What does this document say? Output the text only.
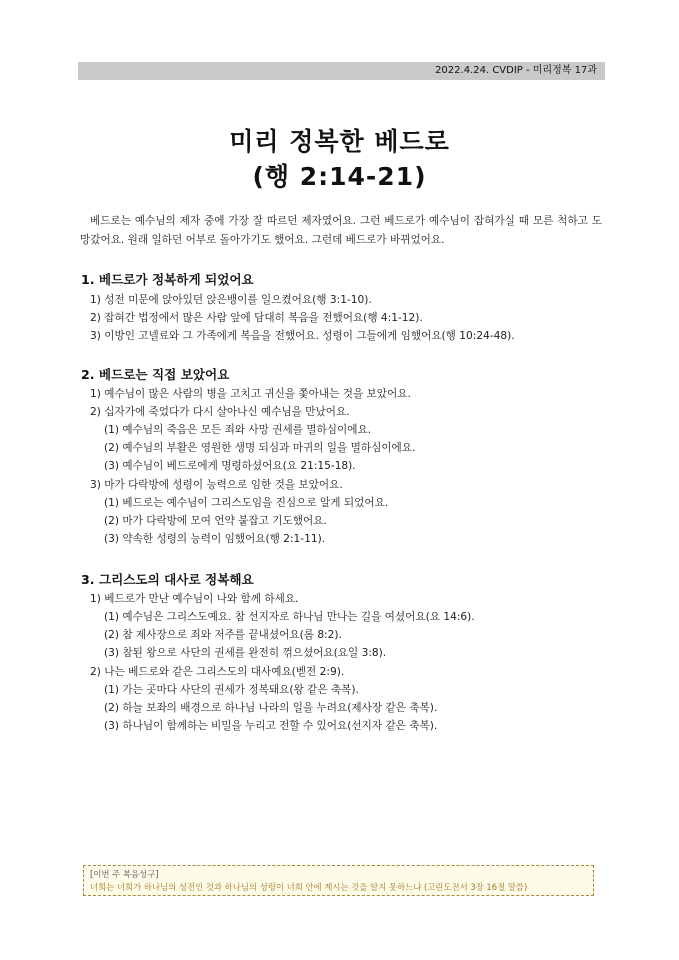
2022.4.24. CVDIP - 미리정복 17과
미리 정복한 베드로
(행 2:14-21)
베드로는 예수님의 제자 중에 가장 잘 따르던 제자였어요. 그런 베드로가 예수님이 잡혀가실 때 모른 척하고 도망갔어요. 원래 일하던 어부로 돌아가기도 했어요. 그런데 베드로가 바뀌었어요.
1. 베드로가 정복하게 되었어요
1) 성전 미문에 앉아있던 앉은뱅이를 일으켰어요(행 3:1-10).
2) 잡혀간 법정에서 많은 사람 앞에 담대히 복음을 전했어요(행 4:1-12).
3) 이방인 고넬료와 그 가족에게 복음을 전했어요. 성령이 그들에게 임했어요(행 10:24-48).
2. 베드로는 직접 보았어요
1) 예수님이 많은 사람의 병을 고치고 귀신을 쫓아내는 것을 보았어요.
2) 십자가에 죽었다가 다시 살아나신 예수님을 만났어요.
(1) 예수님의 죽음은 모든 죄와 사망 권세를 멸하심이에요.
(2) 예수님의 부활은 영원한 생명 되심과 마귀의 일을 멸하심이에요.
(3) 예수님이 베드로에게 명령하셨어요(요 21:15-18).
3) 마가 다락방에 성령이 능력으로 임한 것을 보았어요.
(1) 베드로는 예수님이 그리스도임을 진심으로 알게 되었어요.
(2) 마가 다락방에 모여 언약 붙잡고 기도했어요.
(3) 약속한 성령의 능력이 임했어요(행 2:1-11).
3. 그리스도의 대사로 정복해요
1) 베드로가 만난 예수님이 나와 함께 하세요.
(1) 예수님은 그리스도예요. 참 선지자로 하나님 만나는 길을 여셨어요(요 14:6).
(2) 참 제사장으로 죄와 저주를 끝내셨어요(롬 8:2).
(3) 참된 왕으로 사단의 권세를 완전히 꺾으셨어요(요일 3:8).
2) 나는 베드로와 같은 그리스도의 대사예요(벧전 2:9).
(1) 가는 곳마다 사단의 권세가 정복돼요(왕 같은 축복).
(2) 하늘 보좌의 배경으로 하나님 나라의 일을 누려요(제사장 같은 축복).
(3) 하나님이 함께하는 비밀을 누리고 전할 수 있어요(선지자 같은 축복).
[이번 주 복음성구]
너희는 너희가 하나님의 성전인 것과 하나님의 성령이 너희 안에 계시는 것을 알지 못하느냐 (고린도전서 3장 16절 말씀)
